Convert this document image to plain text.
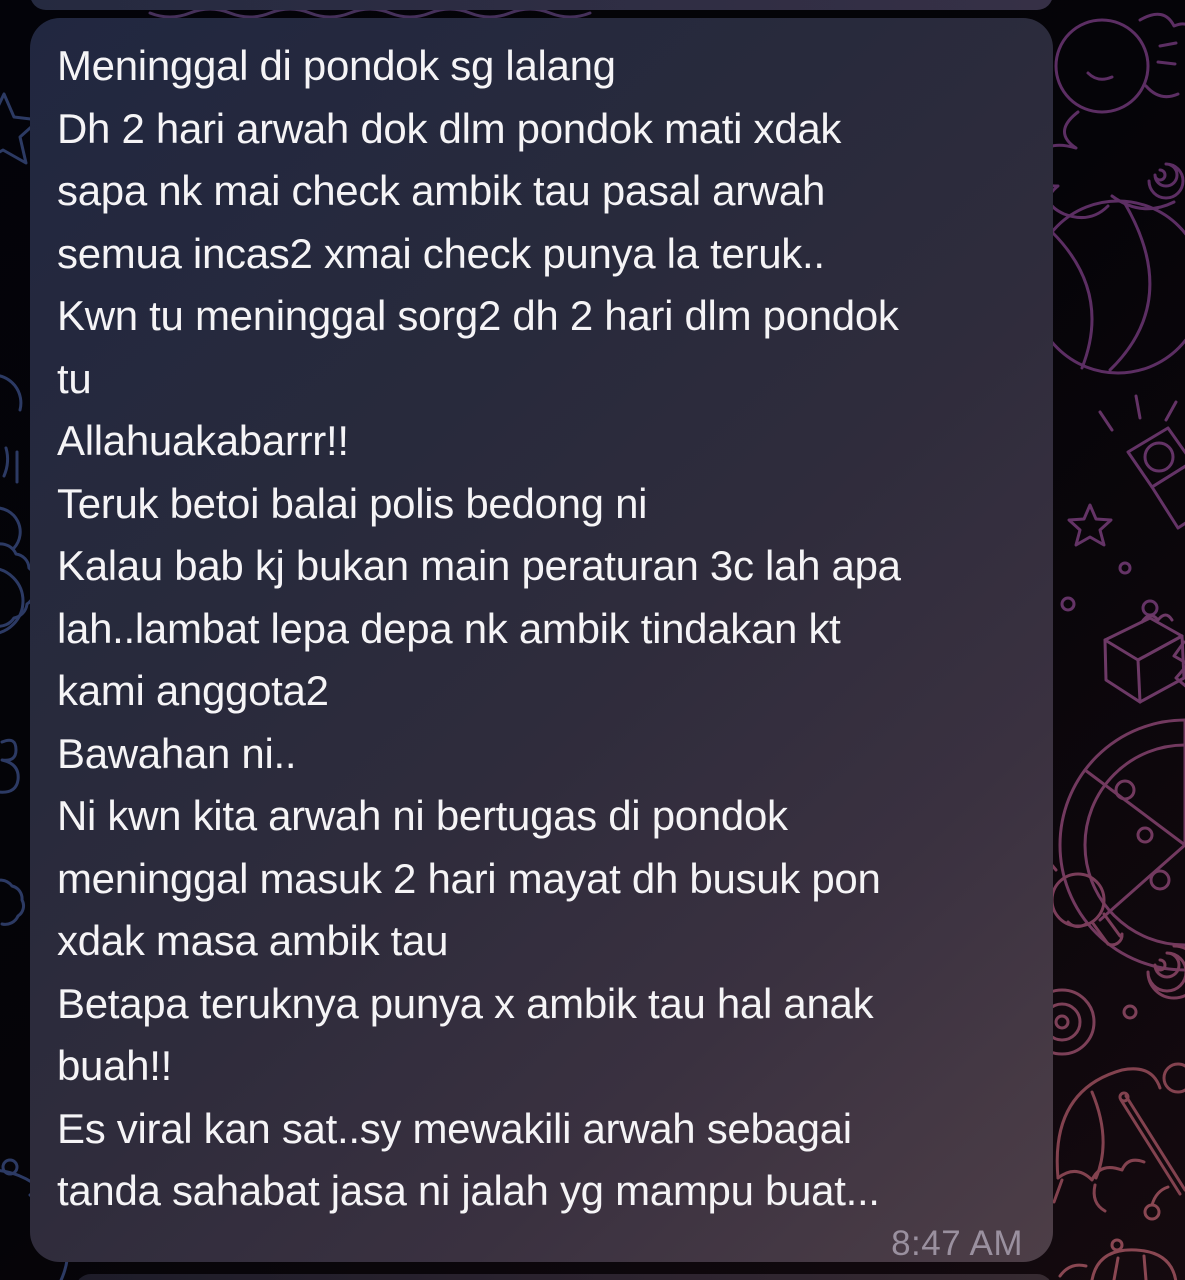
Meninggal di pondok sg lalang
Dh 2 hari arwah dok dlm pondok mati xdak
sapa nk mai check ambik tau pasal arwah
semua incas2 xmai check punya la teruk..
Kwn tu meninggal sorg2 dh 2 hari dlm pondok
tu
Allahuakabarrr!!
Teruk betoi balai polis bedong ni
Kalau bab kj bukan main peraturan 3c lah apa
lah..lambat lepa depa nk ambik tindakan kt
kami anggota2
Bawahan ni..
Ni kwn kita arwah ni bertugas di pondok
meninggal masuk 2 hari mayat dh busuk pon
xdak masa ambik tau
Betapa teruknya punya x ambik tau hal anak
buah!!
Es viral kan sat..sy mewakili arwah sebagai
tanda sahabat jasa ni jalah yg mampu buat...
8:47 AM
